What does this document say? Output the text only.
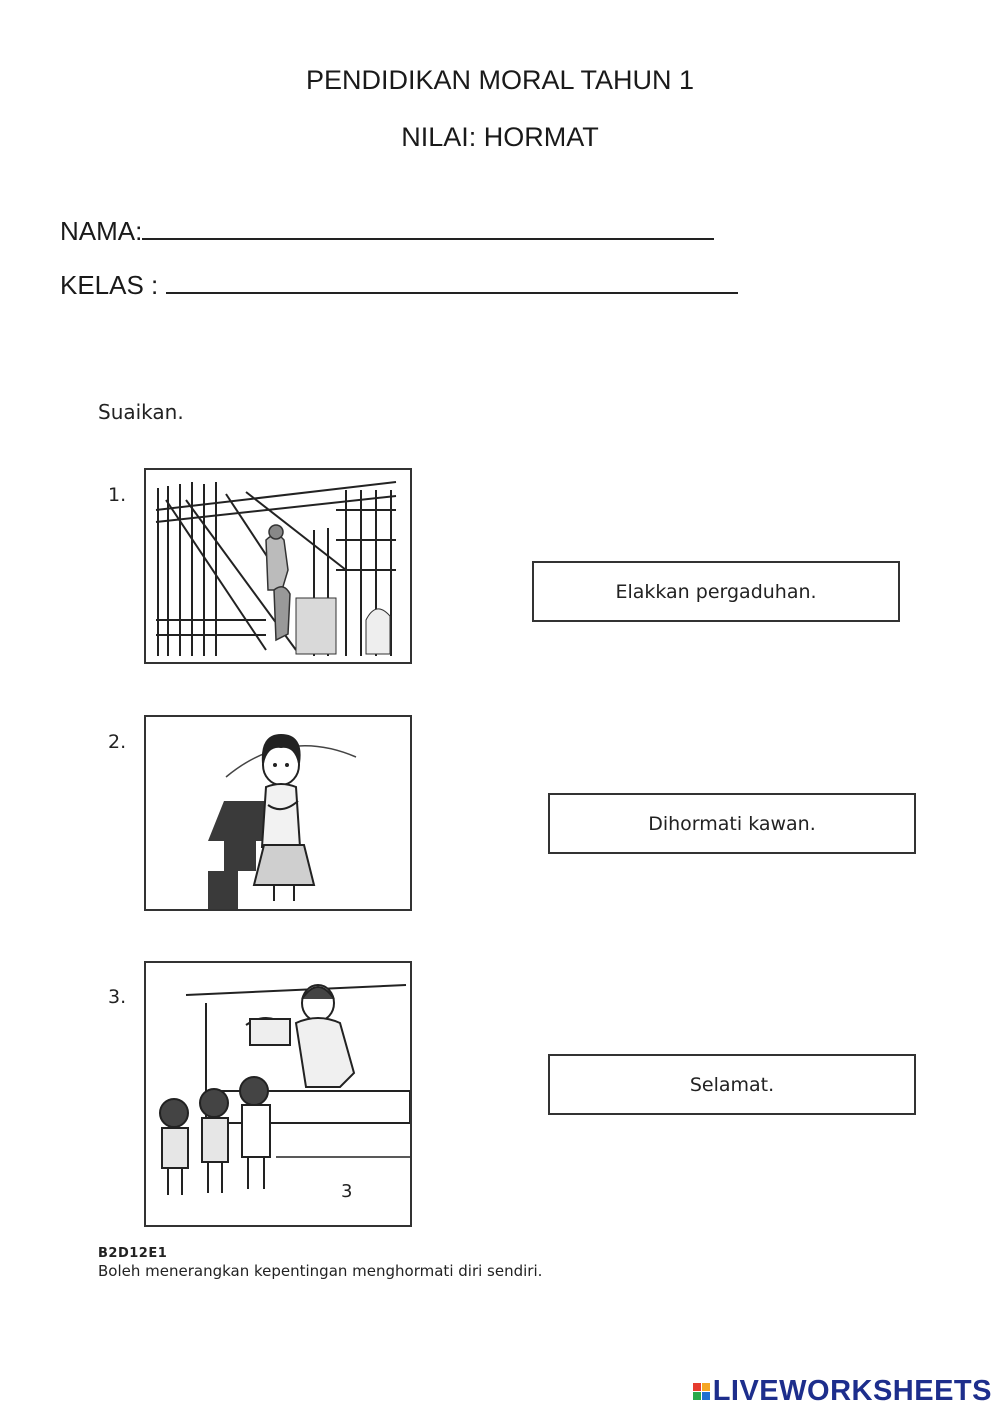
PENDIDIKAN MORAL TAHUN 1
NILAI: HORMAT
NAMA:
KELAS :
Suaikan.
1.
2.
3.
3
Elakkan pergaduhan.
Dihormati kawan.
Selamat.
B2D12E1
Boleh menerangkan kepentingan menghormati diri sendiri.
LIVEWORKSHEETS
